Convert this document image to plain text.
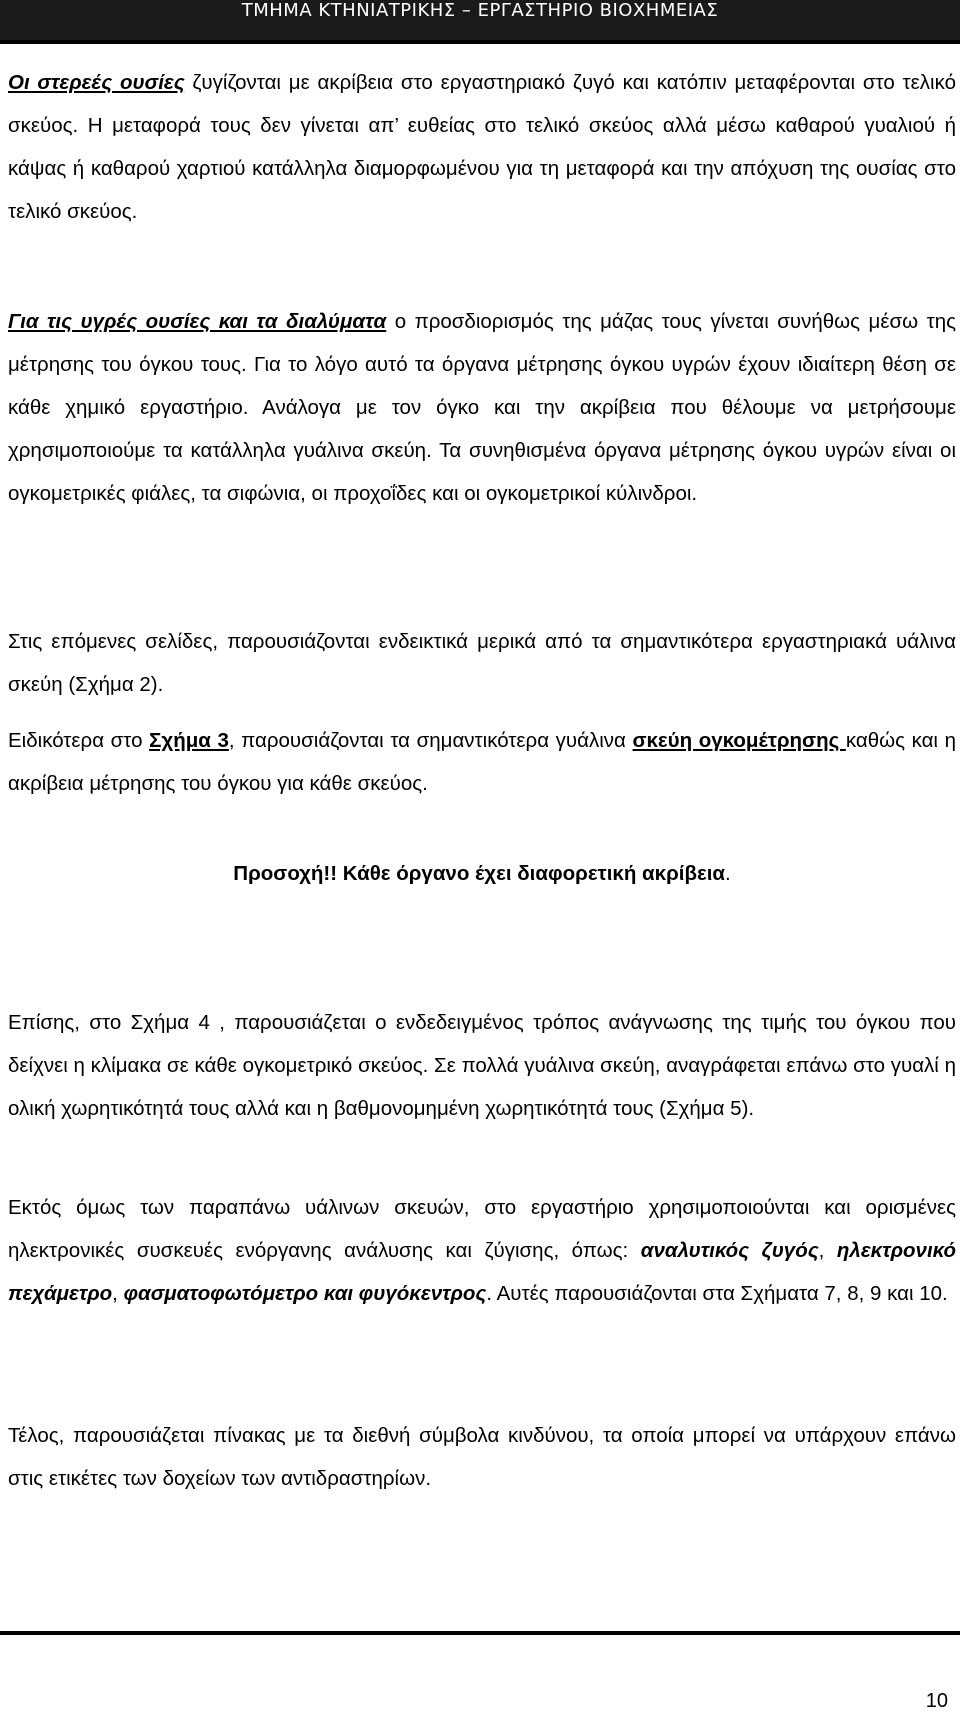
ΤΜΗΜΑ ΚΤΗΝΙΑΤΡΙΚΗΣ – ΕΡΓΑΣΤΗΡΙΟ ΒΙΟΧΗΜΕΙΑΣ

Οι στερεές ουσίες ζυγίζονται με ακρίβεια στο εργαστηριακό ζυγό και κατόπιν μεταφέρονται στο τελικό σκεύος. Η μεταφορά τους δεν γίνεται απ’ ευθείας στο τελικό σκεύος αλλά μέσω καθαρού γυαλιού ή κάψας ή καθαρού χαρτιού κατάλληλα διαμορφωμένου για τη μεταφορά και την απόχυση της ουσίας στο τελικό σκεύος.

Για τις υγρές ουσίες και τα διαλύματα ο προσδιορισμός της μάζας τους γίνεται συνήθως μέσω της μέτρησης του όγκου τους. Για το λόγο αυτό τα όργανα μέτρησης όγκου υγρών έχουν ιδιαίτερη θέση σε κάθε χημικό εργαστήριο. Ανάλογα με τον όγκο και την ακρίβεια που θέλουμε να μετρήσουμε χρησιμοποιούμε τα κατάλληλα γυάλινα σκεύη. Τα συνηθισμένα όργανα μέτρησης όγκου υγρών είναι οι ογκομετρικές φιάλες, τα σιφώνια, οι προχοΐδες και οι ογκομετρικοί κύλινδροι.

Στις επόμενες σελίδες, παρουσιάζονται ενδεικτικά μερικά από τα σημαντικότερα εργαστηριακά υάλινα σκεύη (Σχήμα 2).

Ειδικότερα στο Σχήμα 3, παρουσιάζονται τα σημαντικότερα γυάλινα σκεύη ογκομέτρησης καθώς και η ακρίβεια μέτρησης του όγκου για κάθε σκεύος.

Προσοχή!! Κάθε όργανο έχει διαφορετική ακρίβεια.

Επίσης, στο Σχήμα 4 , παρουσιάζεται ο ενδεδειγμένος τρόπος ανάγνωσης της τιμής του όγκου που δείχνει η κλίμακα σε κάθε ογκομετρικό σκεύος. Σε πολλά γυάλινα σκεύη, αναγράφεται επάνω στο γυαλί η ολική χωρητικότητά τους αλλά και η βαθμονομημένη χωρητικότητά τους (Σχήμα 5).

Εκτός όμως των παραπάνω υάλινων σκευών, στο εργαστήριο χρησιμοποιούνται και ορισμένες ηλεκτρονικές συσκευές ενόργανης ανάλυσης και ζύγισης, όπως: αναλυτικός ζυγός, ηλεκτρονικό πεχάμετρο, φασματοφωτόμετρο και φυγόκεντρος. Αυτές παρουσιάζονται στα Σχήματα 7, 8, 9 και 10.

Τέλος, παρουσιάζεται πίνακας με τα διεθνή σύμβολα κινδύνου, τα οποία μπορεί να υπάρχουν επάνω στις ετικέτες των δοχείων των αντιδραστηρίων.

10
